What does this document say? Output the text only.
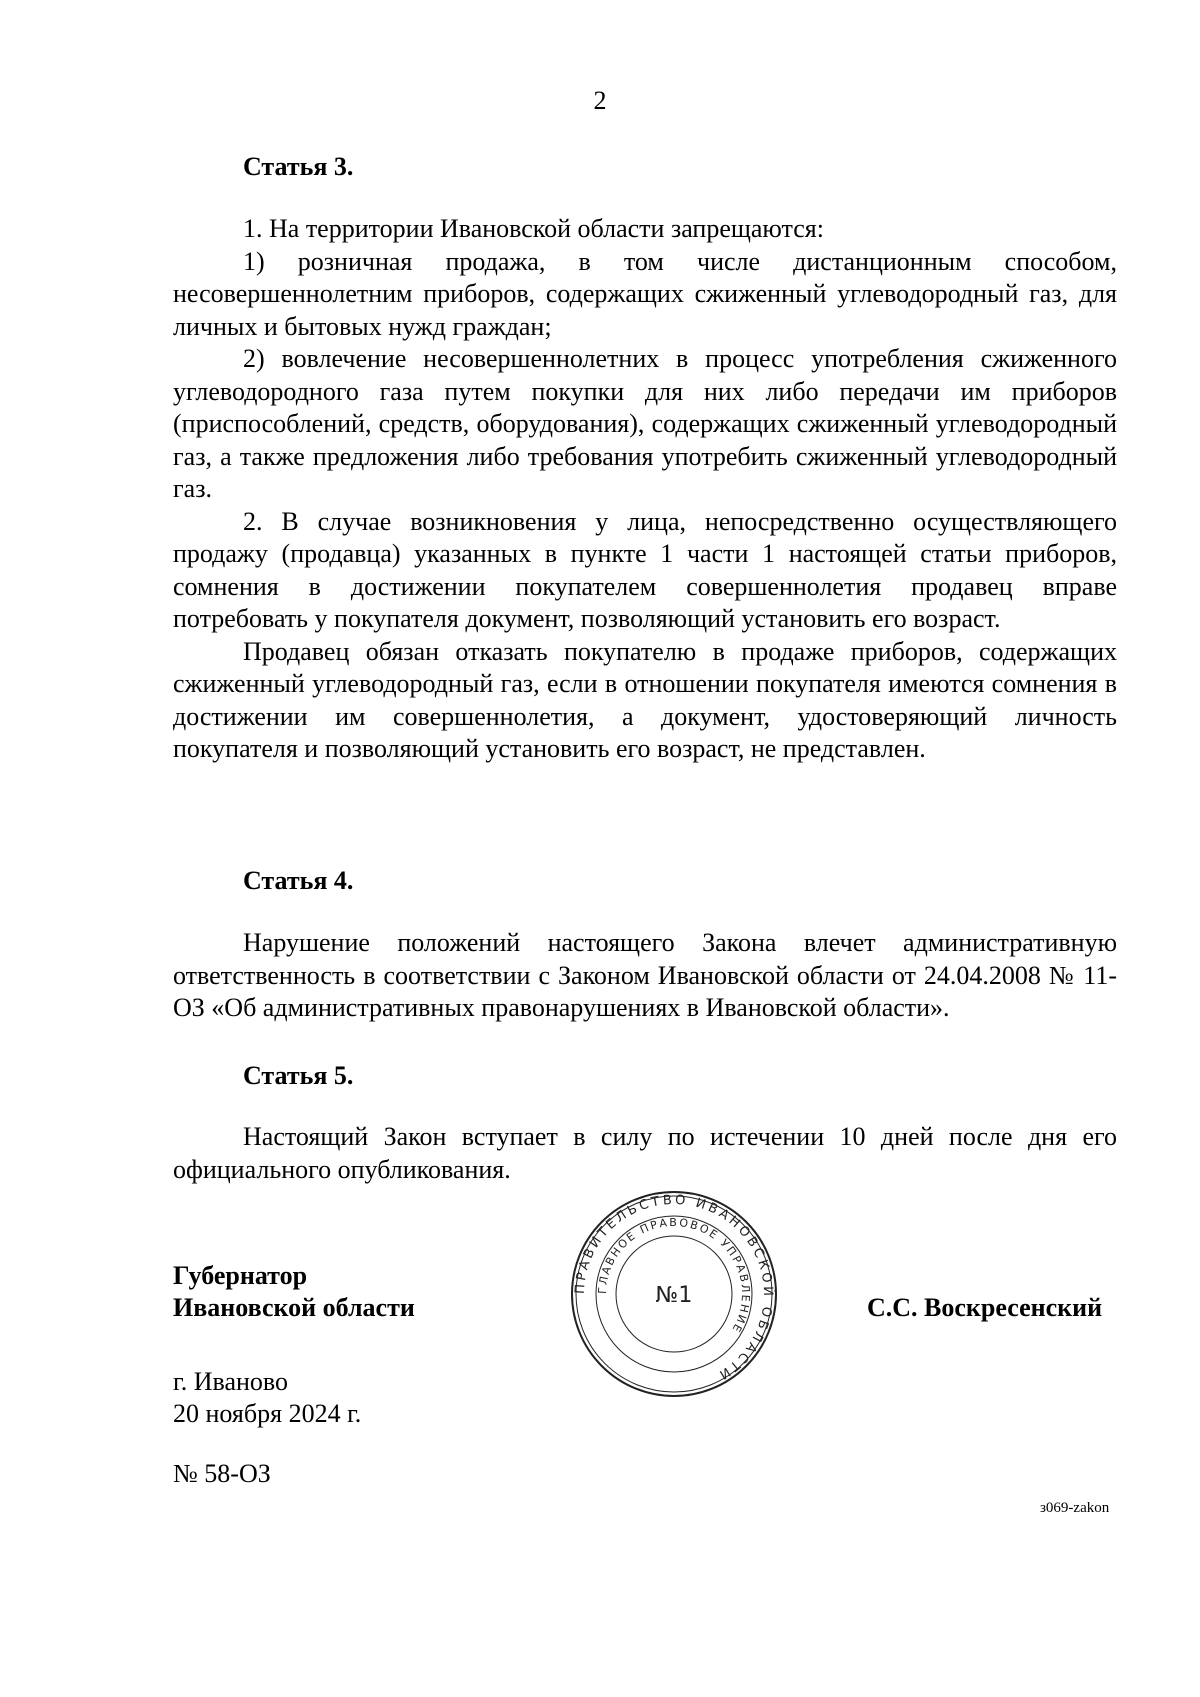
2
Статья 3.

1. На территории Ивановской области запрещаются:

1) розничная продажа, в том числе дистанционным способом, несовершеннолетним приборов, содержащих сжиженный углеводородный газ, для личных и бытовых нужд граждан;

2) вовлечение несовершеннолетних в процесс употребления сжиженного углеводородного газа путем покупки для них либо передачи им приборов (приспособлений, средств, оборудования), содержащих сжиженный углеводородный газ, а также предложения либо требования употребить сжиженный углеводородный газ.

2. В случае возникновения у лица, непосредственно осуществляющего продажу (продавца) указанных в пункте 1 части 1 настоящей статьи приборов, сомнения в достижении покупателем совершеннолетия продавец вправе потребовать у покупателя документ, позволяющий установить его возраст.

Продавец обязан отказать покупателю в продаже приборов, содержащих сжиженный углеводородный газ, если в отношении покупателя имеются сомнения в достижении им совершеннолетия, а документ, удостоверяющий личность покупателя и позволяющий установить его возраст, не представлен.

Статья 4.

Нарушение положений настоящего Закона влечет административную ответственность в соответствии с Законом Ивановской области от 24.04.2008 № 11-ОЗ «Об административных правонарушениях в Ивановской области».

Статья 5.

Настоящий Закон вступает в силу по истечении 10 дней после дня его официального опубликования.

Губернатор
Ивановской области	С.С. Воскресенский
ПРАВИТЕЛЬСТВО ИВАНОВСКОЙ ОБЛАСТИ
ГЛАВНОЕ ПРАВОВОЕ УПРАВЛЕНИЕ
№1
г. Иваново
20 ноября 2024 г.
№ 58-ОЗ
з069-zakon
